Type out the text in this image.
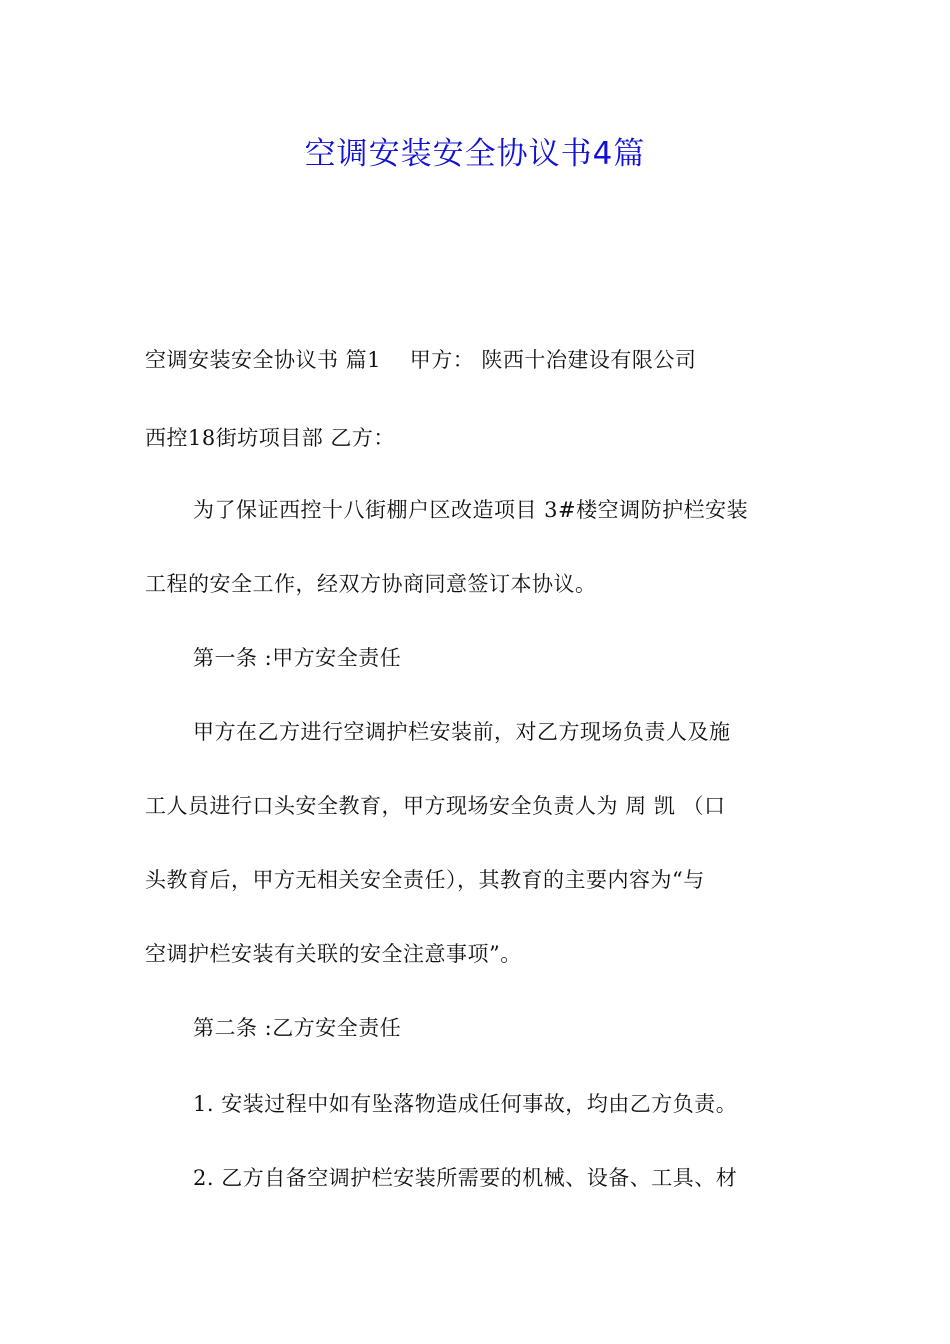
空调安装安全协议书4篇
空调安装安全协议书 篇1    甲方： 陕西十冶建设有限公司
西控18街坊项目部 乙方：
为了保证西控十八街棚户区改造项目 3#楼空调防护栏安装
工程的安全工作，经双方协商同意签订本协议。
第一条 :甲方安全责任
甲方在乙方进行空调护栏安装前，对乙方现场负责人及施
工人员进行口头安全教育，甲方现场安全负责人为 周 凯 （口
头教育后，甲方无相关安全责任），其教育的主要内容为“与
空调护栏安装有关联的安全注意事项”。
第二条 :乙方安全责任
1. 安装过程中如有坠落物造成任何事故，均由乙方负责。
2. 乙方自备空调护栏安装所需要的机械、设备、工具、材
